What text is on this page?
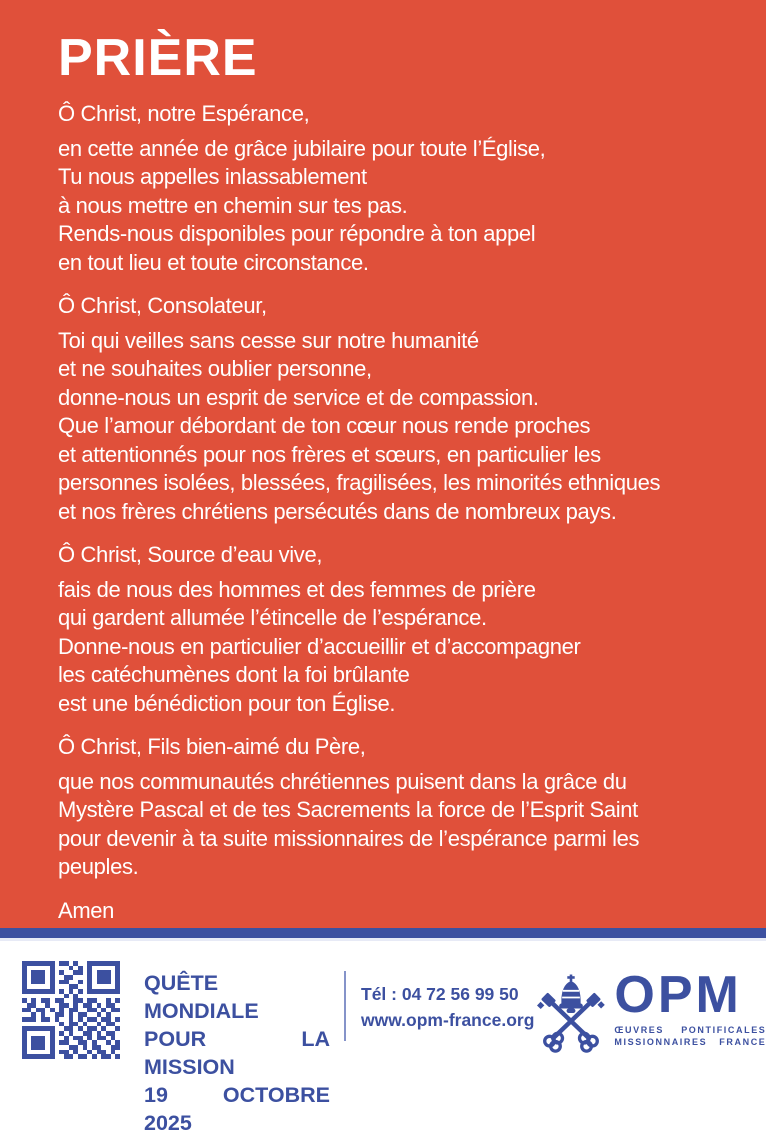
PRIÈRE

Ô Christ, notre Espérance,

en cette année de grâce jubilaire pour toute l’Église,
Tu nous appelles inlassablement
à nous mettre en chemin sur tes pas.
Rends-nous disponibles pour répondre à ton appel
en tout lieu et toute circonstance.

Ô Christ, Consolateur,

Toi qui veilles sans cesse sur notre humanité
et ne souhaites oublier personne,
donne-nous un esprit de service et de compassion.
Que l’amour débordant de ton cœur nous rende proches
et attentionnés pour nos frères et sœurs, en particulier les
personnes isolées, blessées, fragilisées, les minorités ethniques
et nos frères chrétiens persécutés dans de nombreux pays.

Ô Christ, Source d’eau vive,

fais de nous des hommes et des femmes de prière
qui gardent allumée l’étincelle de l’espérance.
Donne-nous en particulier d’accueillir et d’accompagner
les catéchumènes dont la foi brûlante
est une bénédiction pour ton Église.

Ô Christ, Fils bien-aimé du Père,

que nos communautés chrétiennes puisent dans la grâce du
Mystère Pascal et de tes Sacrements la force de l’Esprit Saint
pour devenir à ta suite missionnaires de l’espérance parmi les
peuples.
Amen
QUÊTE MONDIALE
POUR LA MISSION
19 OCTOBRE 2025
Tél : 04 72 56 99 50
www.opm-france.org OPM
ŒUVRES PONTIFICALES
MISSIONNAIRES FRANCE
